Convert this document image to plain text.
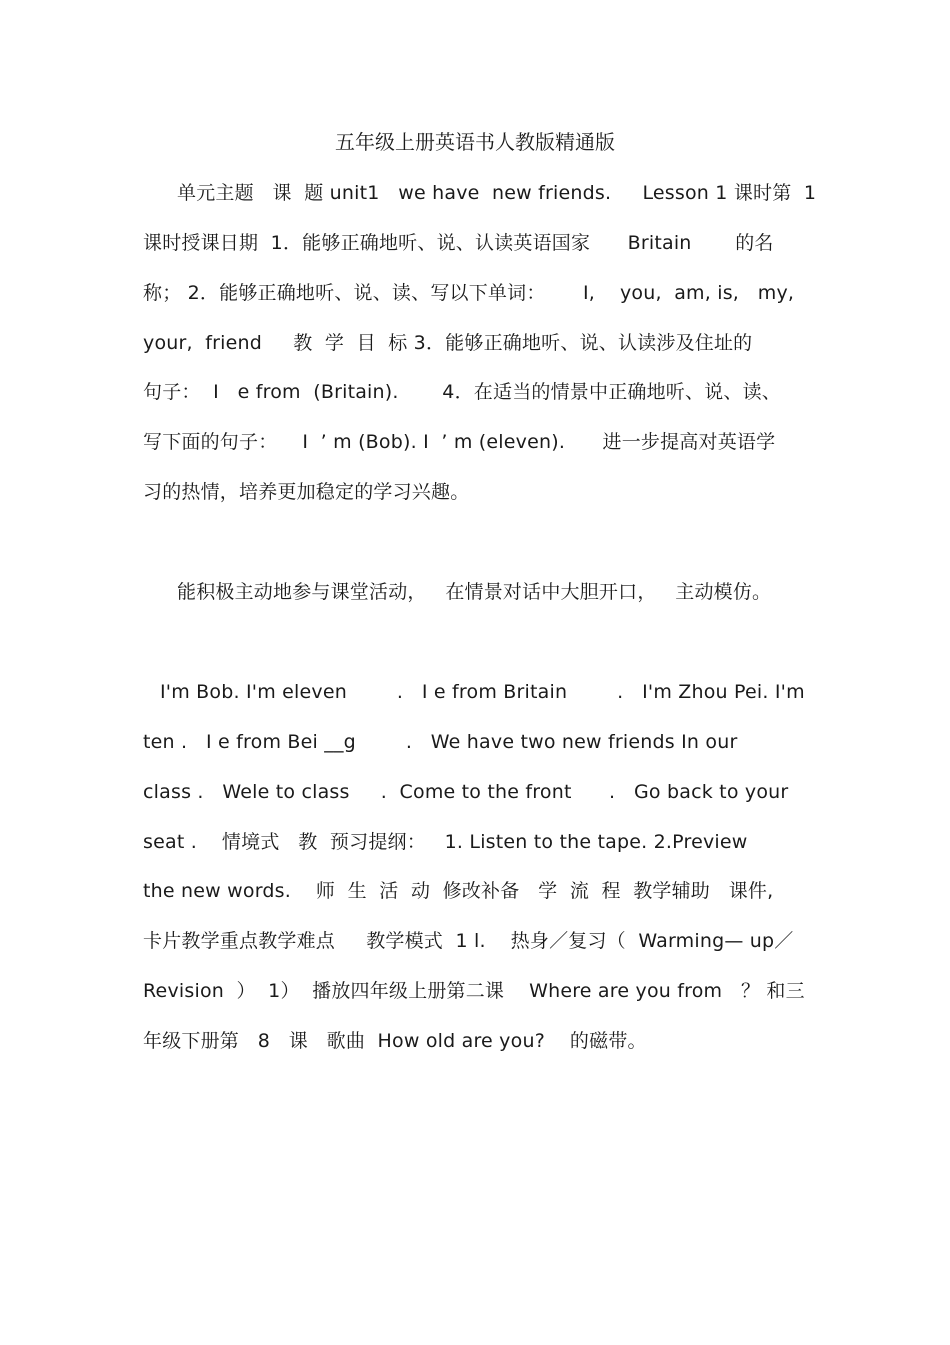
五年级上册英语书人教版精通版
单元主题   课  题 unit1   we have  new friends.     Lesson 1 课时第  1
课时授课日期  1．能够正确地听、说、认读英语国家      Britain       的名
称； 2．能够正确地听、说、读、写以下单词：      I,    you,  am, is,   my,
your,  friend     教  学  目  标 3．能够正确地听、说、认读涉及住址的
句子：  I   e from  (Britain).       4．在适当的情景中正确地听、说、读、
写下面的句子：    I  ’ m (Bob). I  ’ m (eleven).      进一步提高对英语学
习的热情，培养更加稳定的学习兴趣。
能积极主动地参与课堂活动，   在情景对话中大胆开口，   主动模仿。
I'm Bob. I'm eleven        .   I e from Britain        .   I'm Zhou Pei. I'm
ten .   I e from Bei __g        .   We have two new friends In our
class .   Wele to class     .  Come to the front      .   Go back to your
seat .    情境式   教  预习提纲：   1. Listen to the tape. 2.Preview
the new words.    师  生  活  动  修改补备   学  流  程  教学辅助   课件,
卡片教学重点教学难点     教学模式  1 l.    热身／复习（  Warming— up／
Revision  ）  1）  播放四年级上册第二课    Where are you from   ？ 和三
年级下册第   8   课   歌曲  How old are you?    的磁带。
